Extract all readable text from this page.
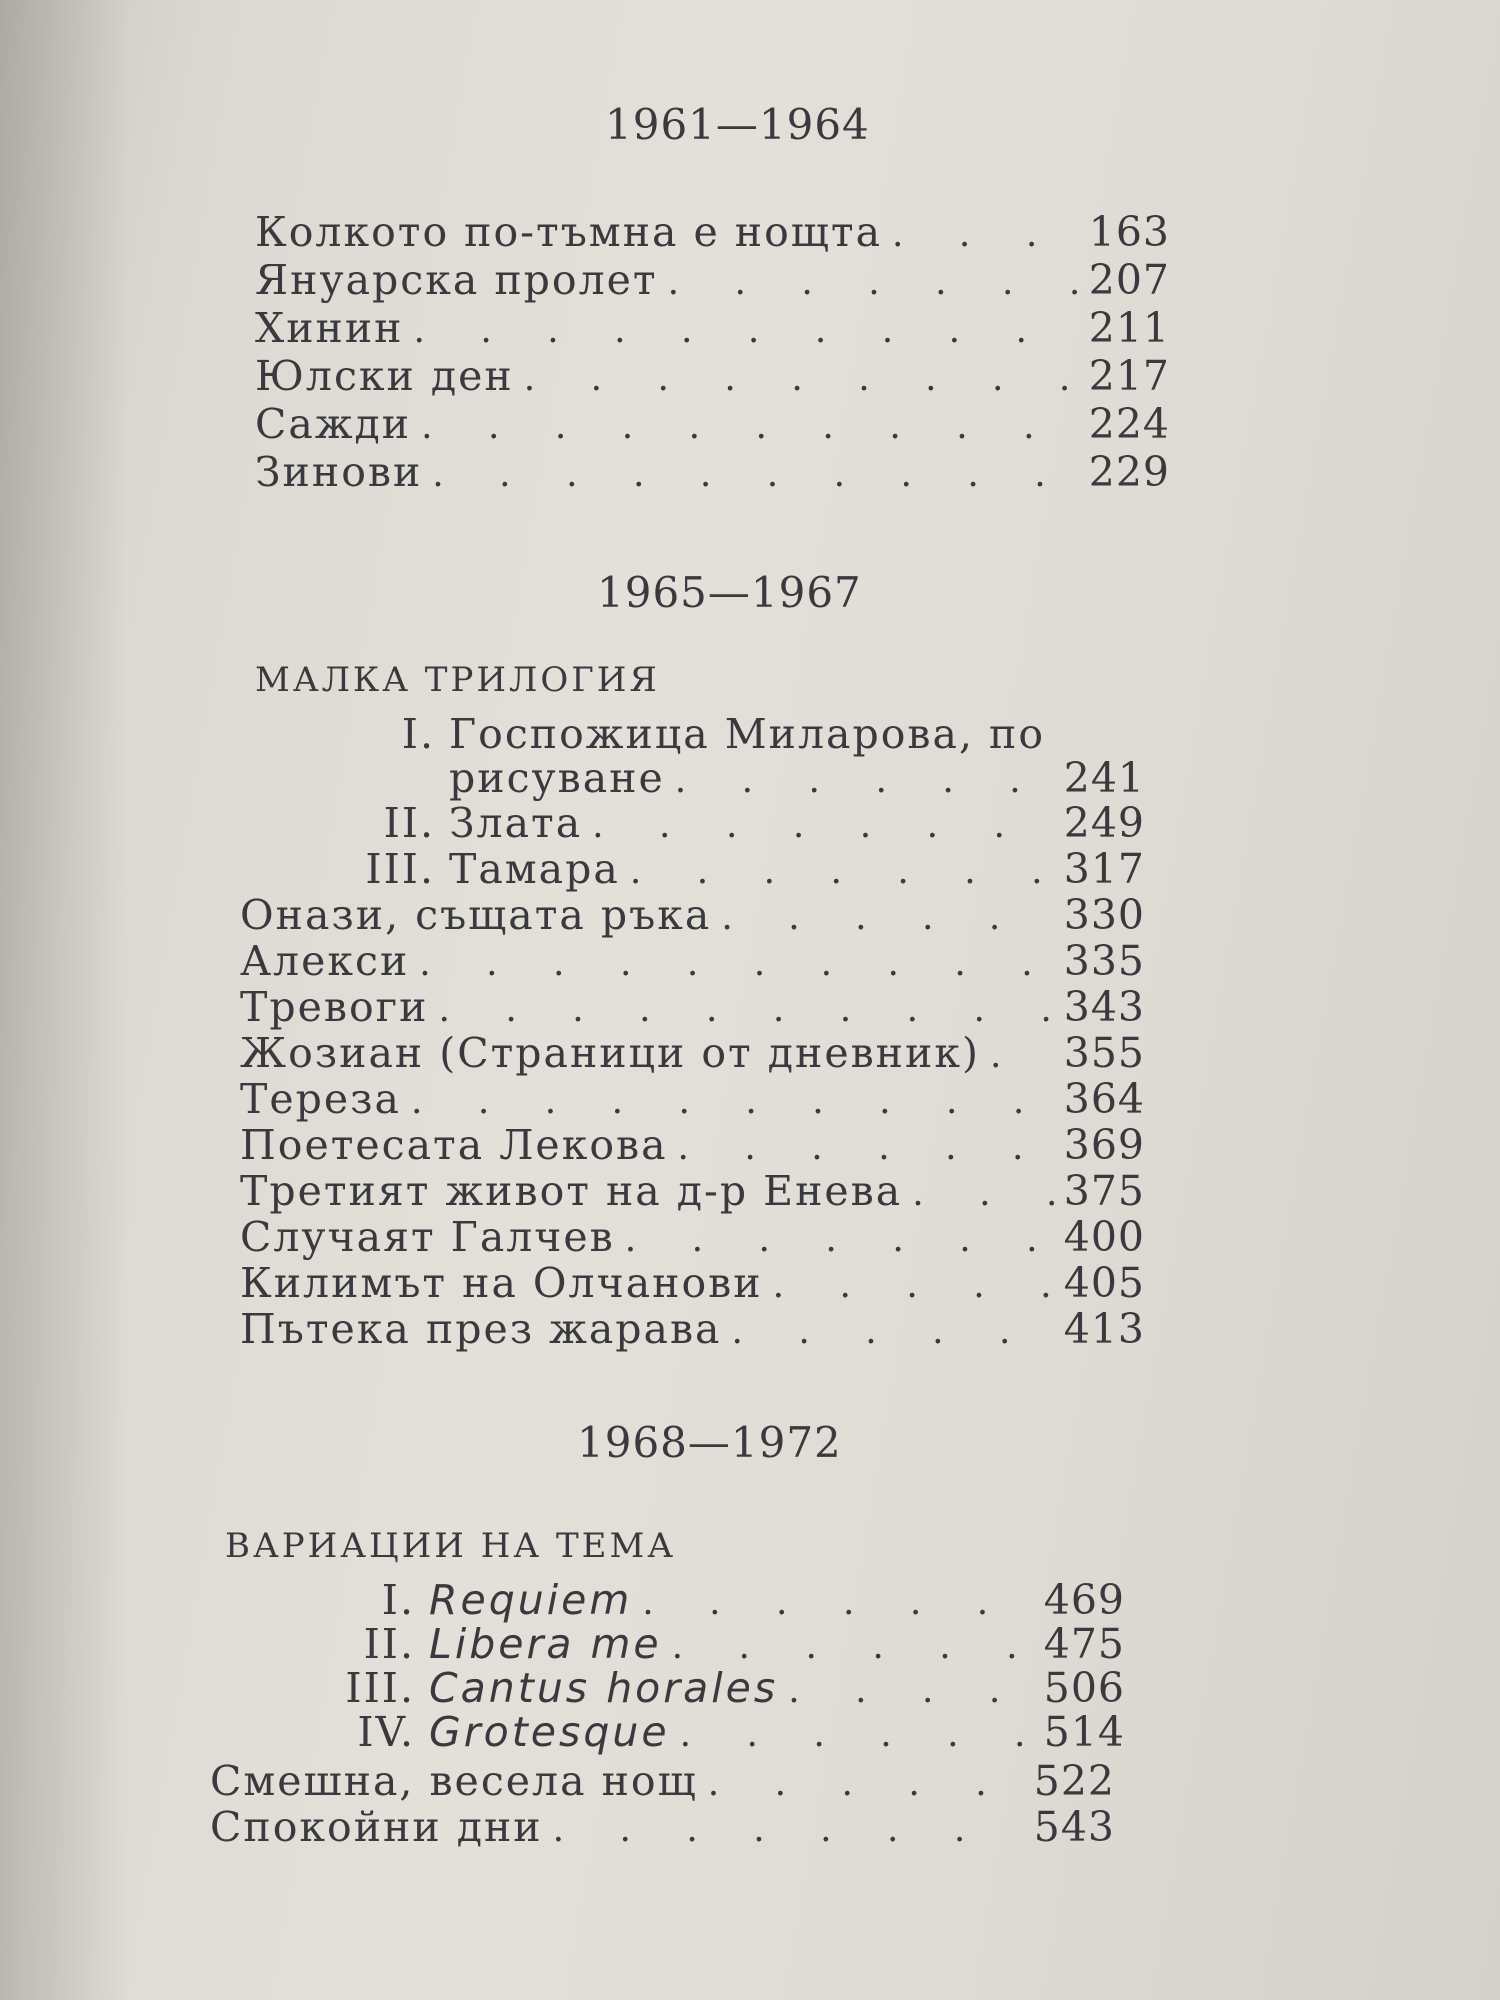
1961—1964
Колкото по-тъмна е нощта . . .	163
Януарска пролет . . .	207
Хинин . . .	211
Юлски ден . . .	217
Сажди . . .	224
Зинови . . .	229
1965—1967
МАЛКА ТРИЛОГИЯ
I. Госпожица Миларова, по
рисуване . . .	241
II. Злата . . .	249
III. Тамара . . .	317
Онази, същата ръка . . .	330
Алекси . . .	335
Тревоги . . .	343
Жозиан (Страници от дневник) . . . 355
Тереза . . .	364
Поетесата Лекова . . .	369
Третият живот на д-р Енева . . .	375
Случаят Галчев . . .	400
Килимът на Олчанови . . .	405
Пътека през жарава . . .	413
1968—1972
ВАРИАЦИИ НА ТЕМА
I. Requiem . . .	469
II. Libera me . . .	475
III. Cantus horales . . .	506
IV. Grotesque . . .	514
Смешна, весела нощ . . .	522
Спокойни дни . . .	543
